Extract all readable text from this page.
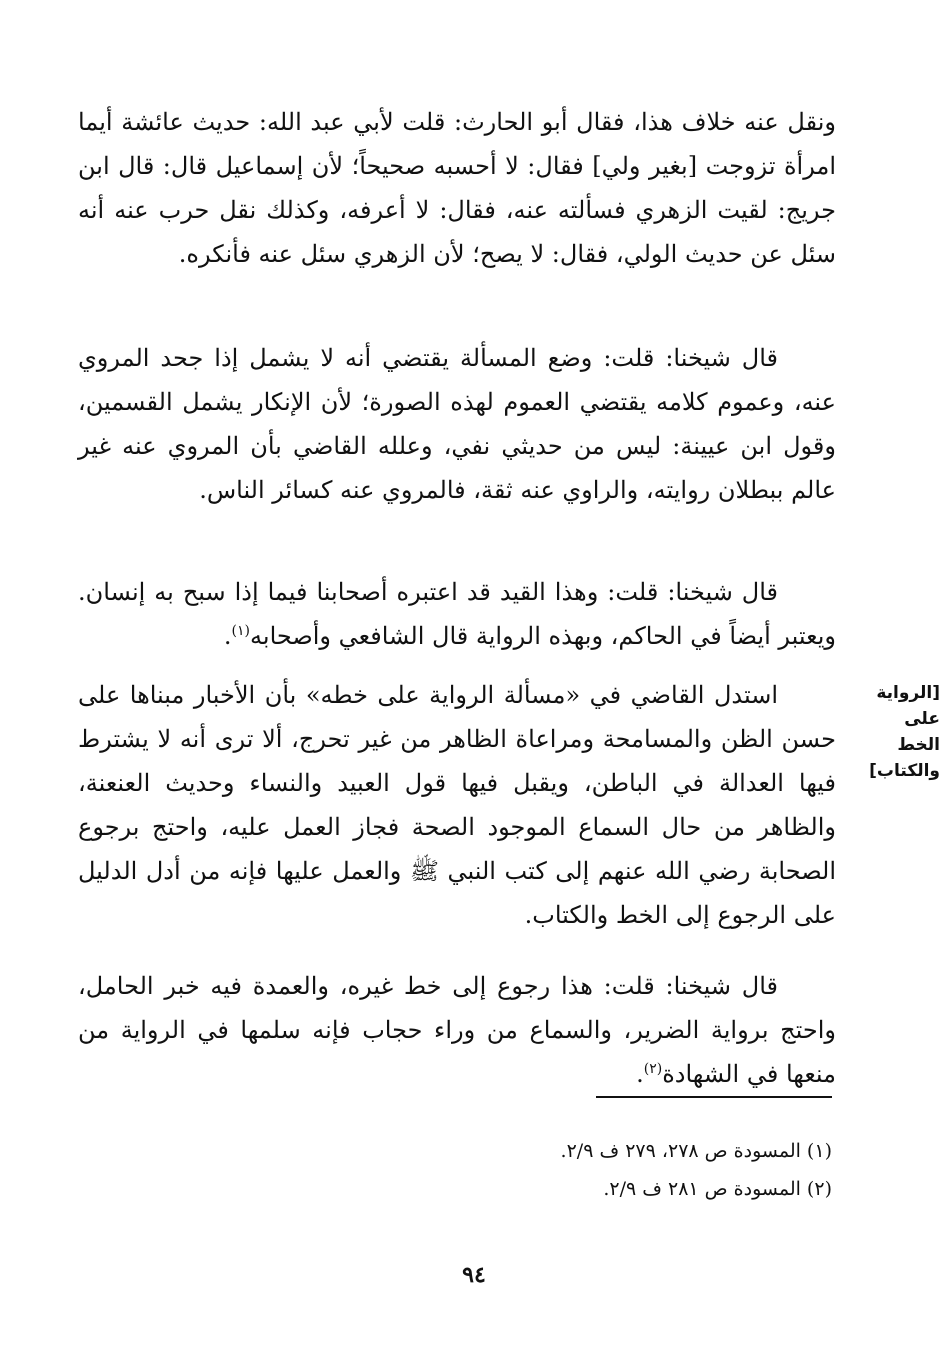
ونقل عنه خلاف هذا، فقال أبو الحارث: قلت لأبي عبد الله: حديث عائشة أيما امرأة تزوجت [بغير ولي] فقال: لا أحسبه صحيحاً؛ لأن إسماعيل قال: قال ابن جريج: لقيت الزهري فسألته عنه، فقال: لا أعرفه، وكذلك نقل حرب عنه أنه سئل عن حديث الولي، فقال: لا يصح؛ لأن الزهري سئل عنه فأنكره.

قال شيخنا: قلت: وضع المسألة يقتضي أنه لا يشمل إذا جحد المروي عنه، وعموم كلامه يقتضي العموم لهذه الصورة؛ لأن الإنكار يشمل القسمين، وقول ابن عيينة: ليس من حديثي نفي، وعلله القاضي بأن المروي عنه غير عالم ببطلان روايته، والراوي عنه ثقة، فالمروي عنه كسائر الناس.

قال شيخنا: قلت: وهذا القيد قد اعتبره أصحابنا فيما إذا سبح به إنسان. ويعتبر أيضاً في الحاكم، وبهذه الرواية قال الشافعي وأصحابه$^{(١)}$.

[الرواية على الخط والكتاب]

استدل القاضي في «مسألة الرواية على خطه» بأن الأخبار مبناها على حسن الظن والمسامحة ومراعاة الظاهر من غير تحرج، ألا ترى أنه لا يشترط فيها العدالة في الباطن، ويقبل فيها قول العبيد والنساء وحديث العنعنة، والظاهر من حال السماع الموجود الصحة فجاز العمل عليه، واحتج برجوع الصحابة رضي الله عنهم إلى كتب النبي ﷺ والعمل عليها فإنه من أدل الدليل على الرجوع إلى الخط والكتاب.

قال شيخنا: قلت: هذا رجوع إلى خط غيره، والعمدة فيه خبر الحامل، واحتج برواية الضرير، والسماع من وراء حجاب فإنه سلمها في الرواية من منعها في الشهادة$^{(٢)}$.

(١) المسودة ص ٢٧٨، ٢٧٩ ف ٢/٩.
(٢) المسودة ص ٢٨١ ف ٢/٩.
٩٤
